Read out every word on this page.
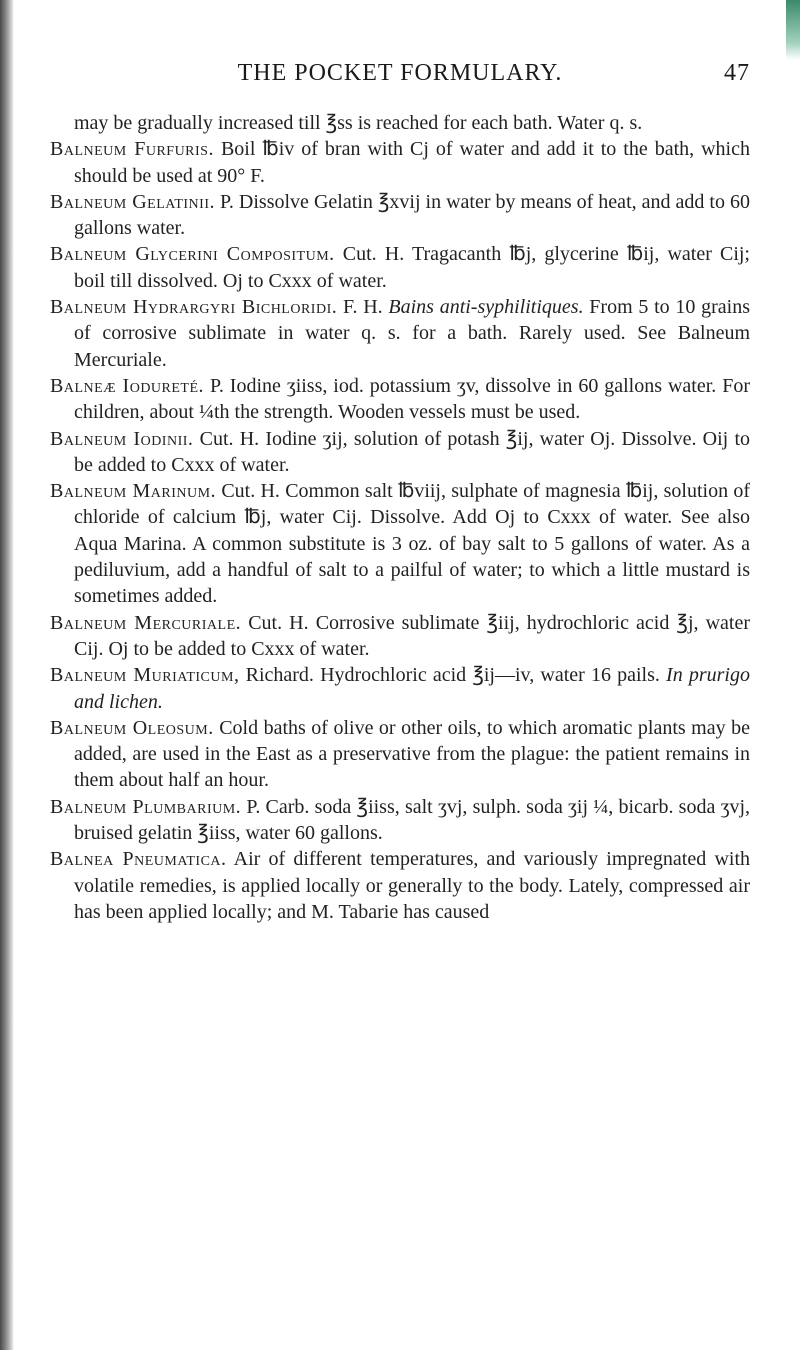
THE POCKET FORMULARY.	47

may be gradually increased till ℥ss is reached for each bath. Water q. s.

Balneum Furfuris. Boil ℔iv of bran with Cj of water and add it to the bath, which should be used at 90° F.

Balneum Gelatinii. P. Dissolve Gelatin ℥xvij in water by means of heat, and add to 60 gallons water.

Balneum Glycerini Compositum. Cut. H. Tragacanth ℔j, glycerine ℔ij, water Cij; boil till dissolved. Oj to Cxxx of water.

Balneum Hydrargyri Bichloridi. F. H. Bains anti-syphilitiques. From 5 to 10 grains of corrosive sublimate in water q. s. for a bath. Rarely used. See Balneum Mercuriale.

Balneæ Iodureté. P. Iodine ʒiiss, iod. potassium ʒv, dissolve in 60 gallons water. For children, about ¼th the strength. Wooden vessels must be used.

Balneum Iodinii. Cut. H. Iodine ʒij, solution of potash ℥ij, water Oj. Dissolve. Oij to be added to Cxxx of water.

Balneum Marinum. Cut. H. Common salt ℔viij, sulphate of magnesia ℔ij, solution of chloride of calcium ℔j, water Cij. Dissolve. Add Oj to Cxxx of water. See also Aqua Marina. A common substitute is 3 oz. of bay salt to 5 gallons of water. As a pediluvium, add a handful of salt to a pailful of water; to which a little mustard is sometimes added.

Balneum Mercuriale. Cut. H. Corrosive sublimate ℥iij, hydrochloric acid ℥j, water Cij. Oj to be added to Cxxx of water.

Balneum Muriaticum, Richard. Hydrochloric acid ℥ij—iv, water 16 pails. In prurigo and lichen.

Balneum Oleosum. Cold baths of olive or other oils, to which aromatic plants may be added, are used in the East as a preservative from the plague: the patient remains in them about half an hour.

Balneum Plumbarium. P. Carb. soda ℥iiss, salt ʒvj, sulph. soda ʒij ¼, bicarb. soda ʒvj, bruised gelatin ℥iiss, water 60 gallons.

Balnea Pneumatica. Air of different temperatures, and variously impregnated with volatile remedies, is applied locally or generally to the body. Lately, compressed air has been applied locally; and M. Tabarie has caused
